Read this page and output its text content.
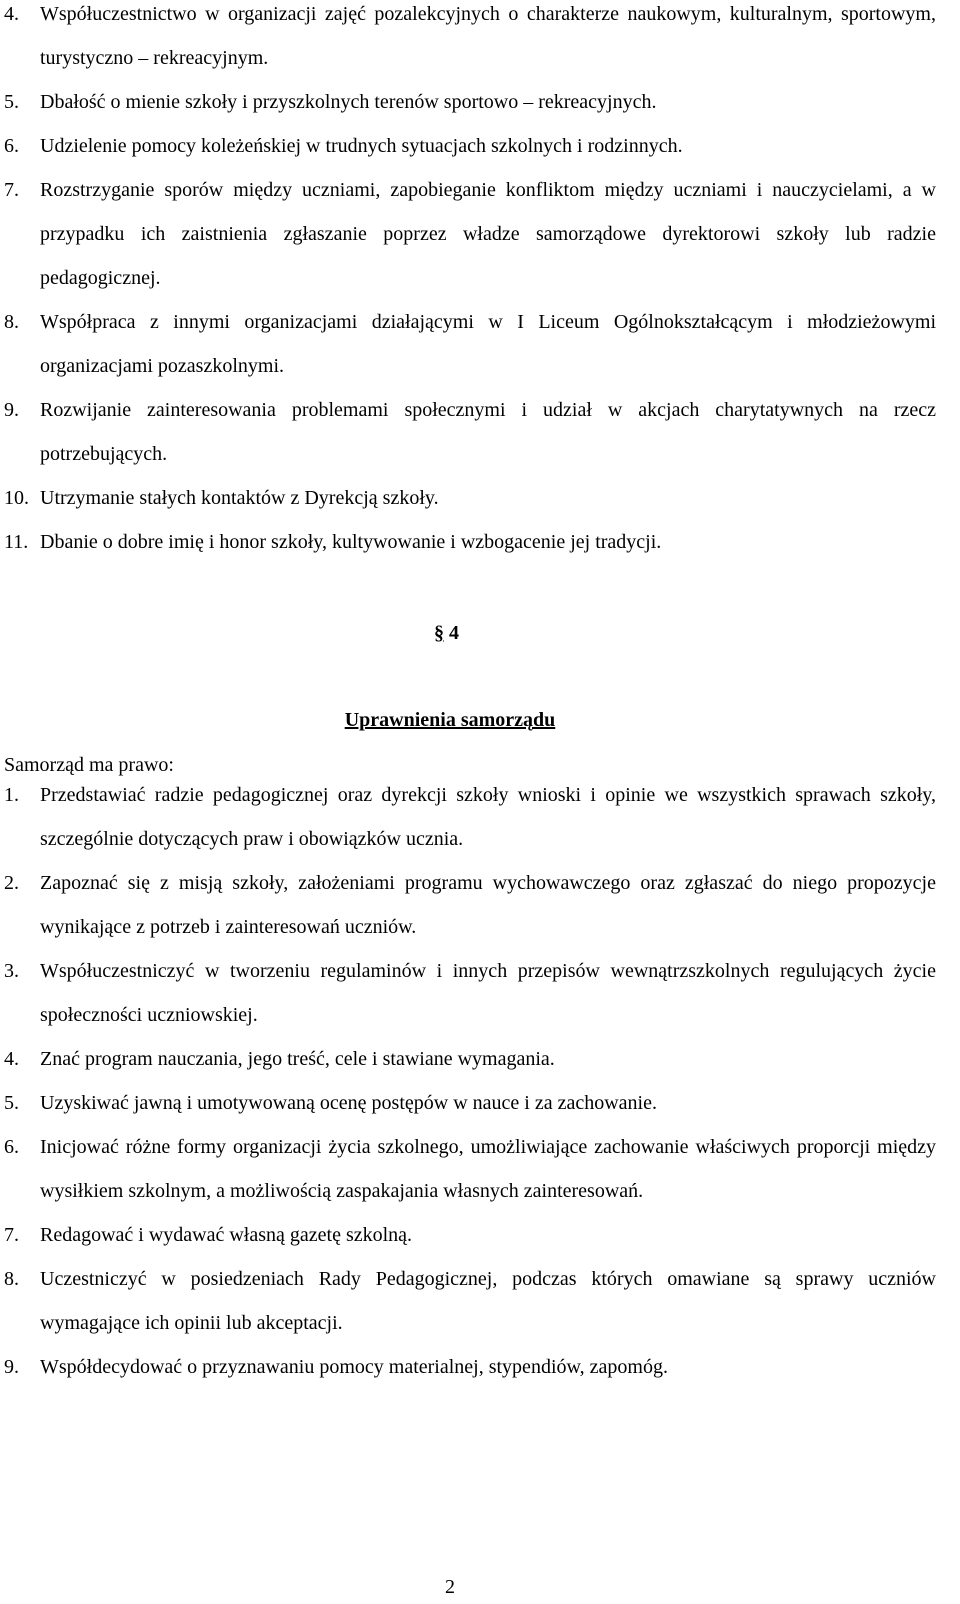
4.	Współuczestnictwo w organizacji zajęć pozalekcyjnych o charakterze naukowym, kulturalnym, sportowym, turystyczno – rekreacyjnym.
5.	Dbałość o mienie szkoły i przyszkolnych terenów sportowo – rekreacyjnych.
6.	Udzielenie pomocy koleżeńskiej w trudnych sytuacjach szkolnych i rodzinnych.
7.	Rozstrzyganie sporów między uczniami, zapobieganie konfliktom między uczniami i nauczycielami, a w przypadku ich zaistnienia zgłaszanie poprzez władze samorządowe dyrektorowi szkoły lub radzie pedagogicznej.
8.	Współpraca z innymi organizacjami działającymi w I Liceum Ogólnokształcącym i młodzieżowymi organizacjami pozaszkolnymi.
9.	Rozwijanie zainteresowania problemami społecznymi i udział w akcjach charytatywnych na rzecz potrzebujących.
10. Utrzymanie stałych kontaktów z Dyrekcją szkoły.
11. Dbanie o dobre imię i honor szkoły, kultywowanie i wzbogacenie jej tradycji.
§ 4
Uprawnienia samorządu
Samorząd ma prawo:
1.	Przedstawiać radzie pedagogicznej oraz dyrekcji szkoły wnioski i opinie we wszystkich sprawach szkoły, szczególnie dotyczących praw i obowiązków ucznia.
2.	Zapoznać się z misją szkoły, założeniami programu wychowawczego oraz zgłaszać do niego propozycje wynikające z potrzeb i zainteresowań uczniów.
3.	Współuczestniczyć w tworzeniu regulaminów i innych przepisów wewnątrzszkolnych regulujących życie społeczności uczniowskiej.
4.	Znać program nauczania, jego treść, cele i stawiane wymagania.
5.	Uzyskiwać jawną i umotywowaną ocenę postępów w nauce i za zachowanie.
6.	Inicjować różne formy organizacji życia szkolnego, umożliwiające zachowanie właściwych proporcji między wysiłkiem szkolnym, a możliwością zaspakajania własnych zainteresowań.
7.	Redagować i wydawać własną gazetę szkolną.
8.	Uczestniczyć w posiedzeniach Rady Pedagogicznej, podczas których omawiane są sprawy uczniów wymagające ich opinii lub akceptacji.
9.	Współdecydować o przyznawaniu pomocy materialnej, stypendiów, zapomóg.
2
